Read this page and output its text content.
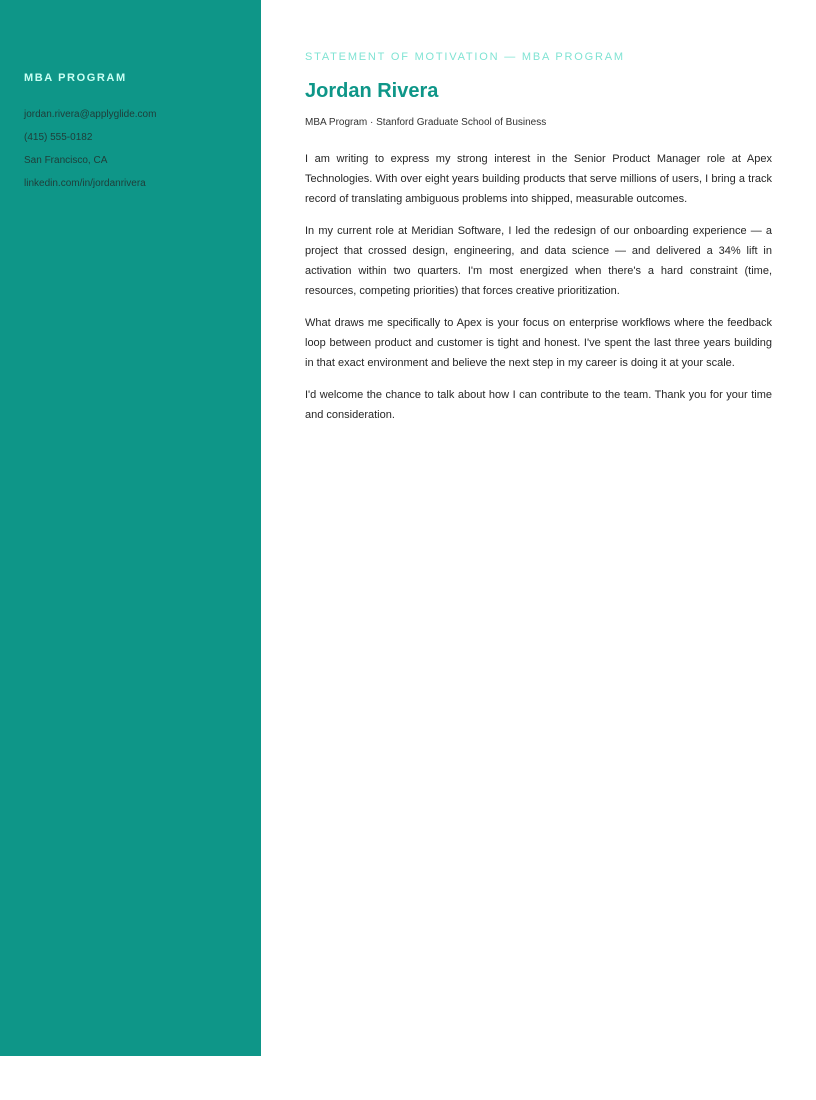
MBA PROGRAM
jordan.rivera@applyglide.com
(415) 555-0182
San Francisco, CA
linkedin.com/in/jordanrivera

STATEMENT OF MOTIVATION — MBA PROGRAM

Jordan Rivera

MBA Program · Stanford Graduate School of Business

I am writing to express my strong interest in the Senior Product Manager role at Apex Technologies. With over eight years building products that serve millions of users, I bring a track record of translating ambiguous problems into shipped, measurable outcomes.

In my current role at Meridian Software, I led the redesign of our onboarding experience — a project that crossed design, engineering, and data science — and delivered a 34% lift in activation within two quarters. I'm most energized when there's a hard constraint (time, resources, competing priorities) that forces creative prioritization.

What draws me specifically to Apex is your focus on enterprise workflows where the feedback loop between product and customer is tight and honest. I've spent the last three years building in that exact environment and believe the next step in my career is doing it at your scale.

I'd welcome the chance to talk about how I can contribute to the team. Thank you for your time and consideration.
